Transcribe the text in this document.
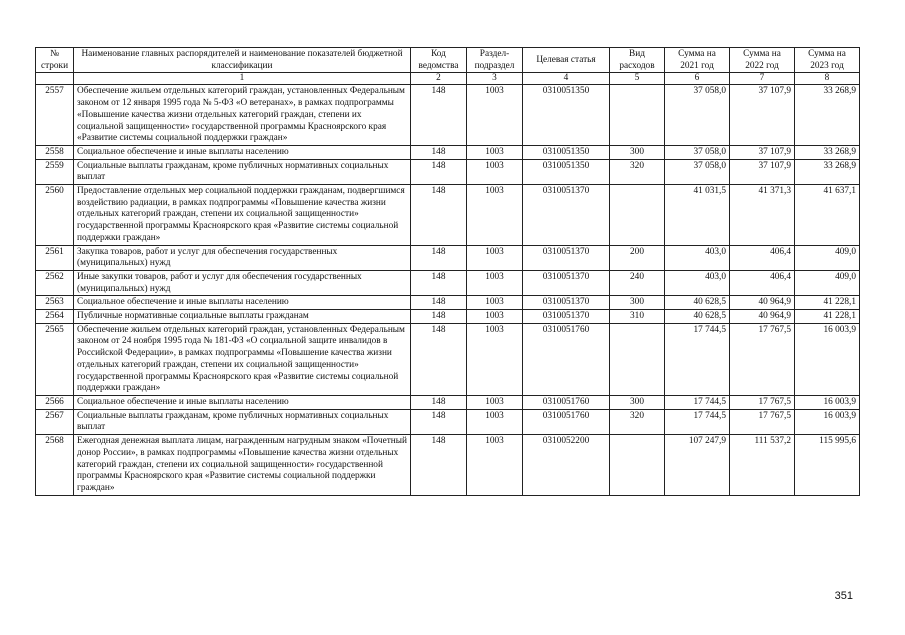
№ строки	Наименование главных распорядителей и наименование показателей бюджетной классификации	Код ведомства	Раздел-подраздел	Целевая статья	Вид расходов	Сумма на 2021 год	Сумма на 2022 год	Сумма на 2023 год
	1	2	3	4	5	6	7	8
2557	Обеспечение жильем отдельных категорий граждан, установленных Федеральным законом от 12 января 1995 года № 5-ФЗ «О ветеранах», в рамках подпрограммы «Повышение качества жизни отдельных категорий граждан, степени их социальной защищенности» государственной программы Красноярского края «Развитие системы социальной поддержки граждан»	148	1003	0310051350		37 058,0	37 107,9	33 268,9
2558	Социальное обеспечение и иные выплаты населению	148	1003	0310051350	300	37 058,0	37 107,9	33 268,9
2559	Социальные выплаты гражданам, кроме публичных нормативных социальных выплат	148	1003	0310051350	320	37 058,0	37 107,9	33 268,9
2560	Предоставление отдельных мер социальной поддержки гражданам, подвергшимся воздействию радиации, в рамках подпрограммы «Повышение качества жизни отдельных категорий граждан, степени их социальной защищенности» государственной программы Красноярского края «Развитие системы социальной поддержки граждан»	148	1003	0310051370		41 031,5	41 371,3	41 637,1
2561	Закупка товаров, работ и услуг для обеспечения государственных (муниципальных) нужд	148	1003	0310051370	200	403,0	406,4	409,0
2562	Иные закупки товаров, работ и услуг для обеспечения государственных (муниципальных) нужд	148	1003	0310051370	240	403,0	406,4	409,0
2563	Социальное обеспечение и иные выплаты населению	148	1003	0310051370	300	40 628,5	40 964,9	41 228,1
2564	Публичные нормативные социальные выплаты гражданам	148	1003	0310051370	310	40 628,5	40 964,9	41 228,1
2565	Обеспечение жильем отдельных категорий граждан, установленных Федеральным законом от 24 ноября 1995 года № 181-ФЗ «О социальной защите инвалидов в Российской Федерации», в рамках подпрограммы «Повышение качества жизни отдельных категорий граждан, степени их социальной защищенности» государственной программы Красноярского края «Развитие системы социальной поддержки граждан»	148	1003	0310051760		17 744,5	17 767,5	16 003,9
2566	Социальное обеспечение и иные выплаты населению	148	1003	0310051760	300	17 744,5	17 767,5	16 003,9
2567	Социальные выплаты гражданам, кроме публичных нормативных социальных выплат	148	1003	0310051760	320	17 744,5	17 767,5	16 003,9
2568	Ежегодная денежная выплата лицам, награжденным нагрудным знаком «Почетный донор России», в рамках подпрограммы «Повышение качества жизни отдельных категорий граждан, степени их социальной защищенности» государственной программы Красноярского края «Развитие системы социальной поддержки граждан»	148	1003	0310052200		107 247,9	111 537,2	115 995,6
351
